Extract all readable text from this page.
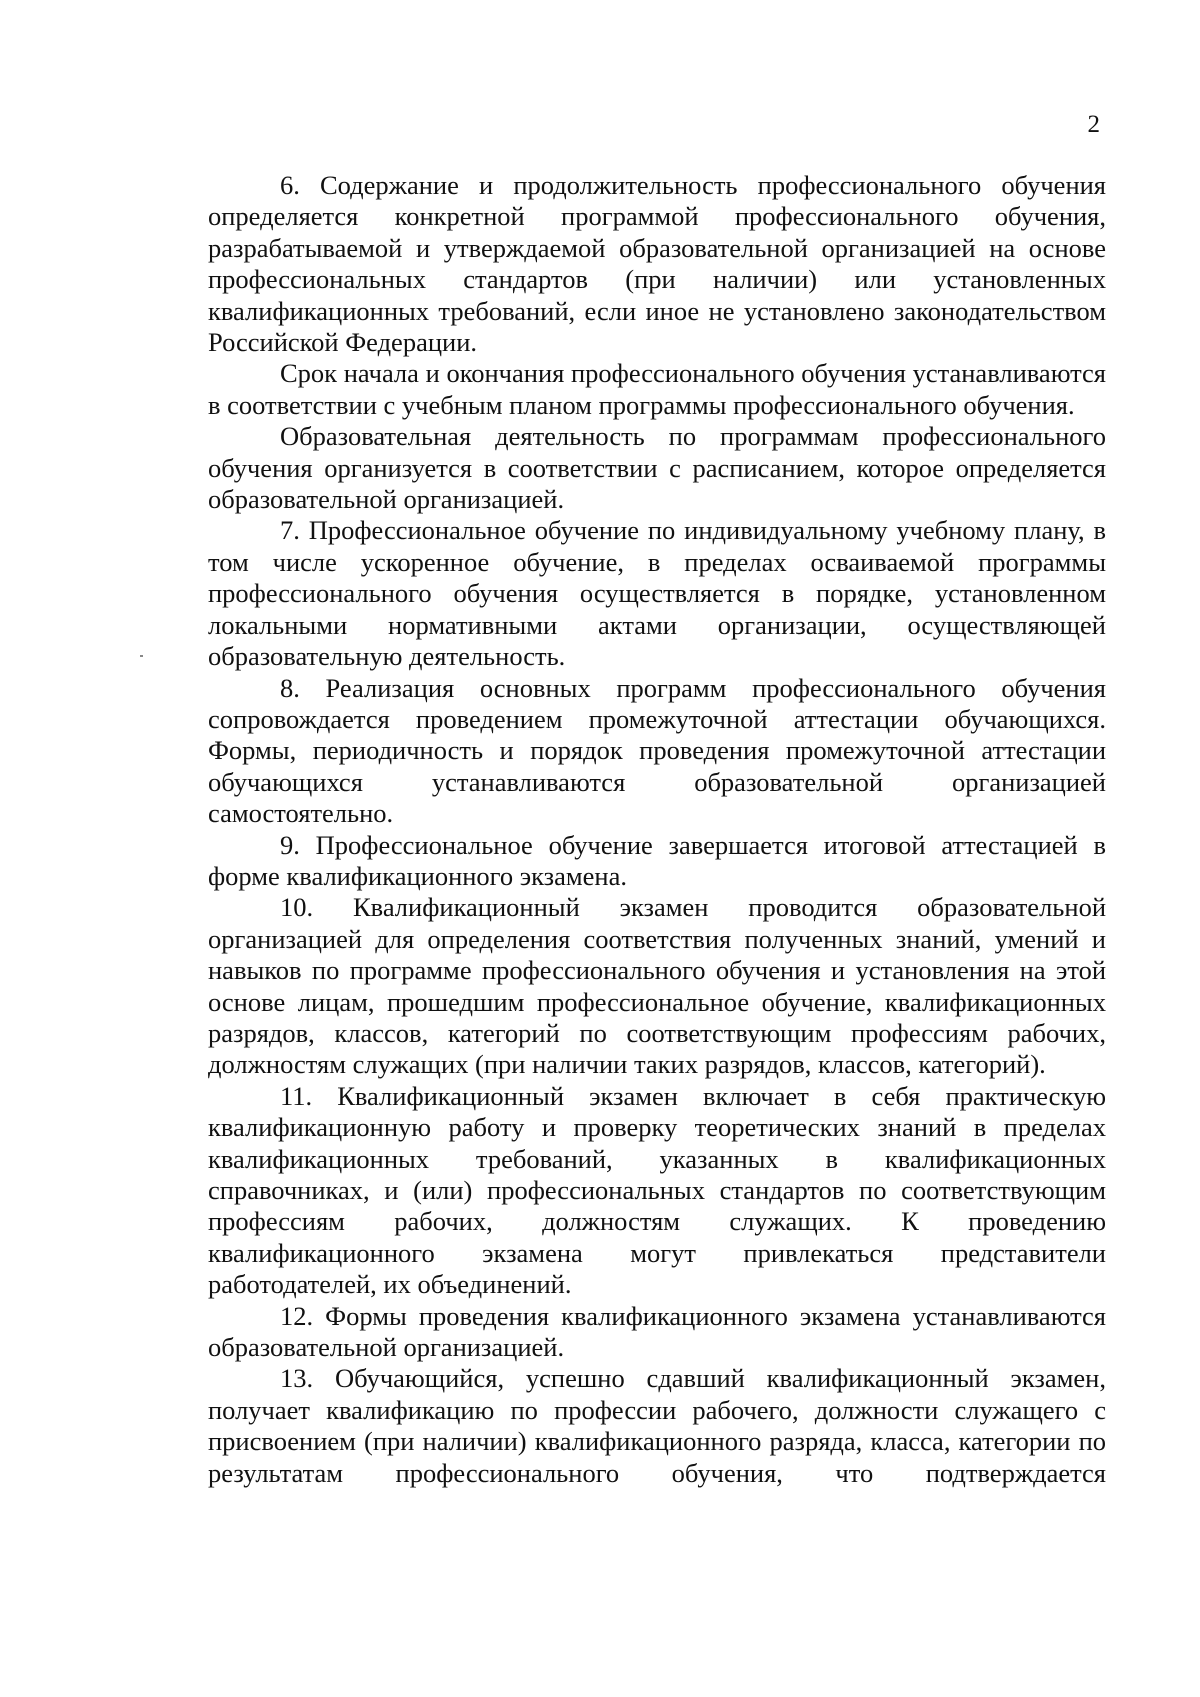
2

6. Содержание и продолжительность профессионального обучения определяется конкретной программой профессионального обучения, разрабатываемой и утверждаемой образовательной организацией на основе профессиональных стандартов (при наличии) или установленных квалификационных требований, если иное не установлено законодательством Российской Федерации.

Срок начала и окончания профессионального обучения устанавливаются в соответствии с учебным планом программы профессионального обучения.

Образовательная деятельность по программам профессионального обучения организуется в соответствии с расписанием, которое определяется образовательной организацией.

7. Профессиональное обучение по индивидуальному учебному плану, в том числе ускоренное обучение, в пределах осваиваемой программы профессионального обучения осуществляется в порядке, установленном локальными нормативными актами организации, осуществляющей образовательную деятельность.

8. Реализация основных программ профессионального обучения сопровождается проведением промежуточной аттестации обучающихся. Формы, периодичность и порядок проведения промежуточной аттестации обучающихся устанавливаются образовательной организацией самостоятельно.

9. Профессиональное обучение завершается итоговой аттестацией в форме квалификационного экзамена.

10. Квалификационный экзамен проводится образовательной организацией для определения соответствия полученных знаний, умений и навыков по программе профессионального обучения и установления на этой основе лицам, прошедшим профессиональное обучение, квалификационных разрядов, классов, категорий по соответствующим профессиям рабочих, должностям служащих (при наличии таких разрядов, классов, категорий).

11. Квалификационный экзамен включает в себя практическую квалификационную работу и проверку теоретических знаний в пределах квалификационных требований, указанных в квалификационных справочниках, и (или) профессиональных стандартов по соответствующим профессиям рабочих, должностям служащих. К проведению квалификационного экзамена могут привлекаться представители работодателей, их объединений.

12. Формы проведения квалификационного экзамена устанавливаются образовательной организацией.

13. Обучающийся, успешно сдавший квалификационный экзамен, получает квалификацию по профессии рабочего, должности служащего с присвоением (при наличии) квалификационного разряда, класса, категории по результатам профессионального обучения, что подтверждается
